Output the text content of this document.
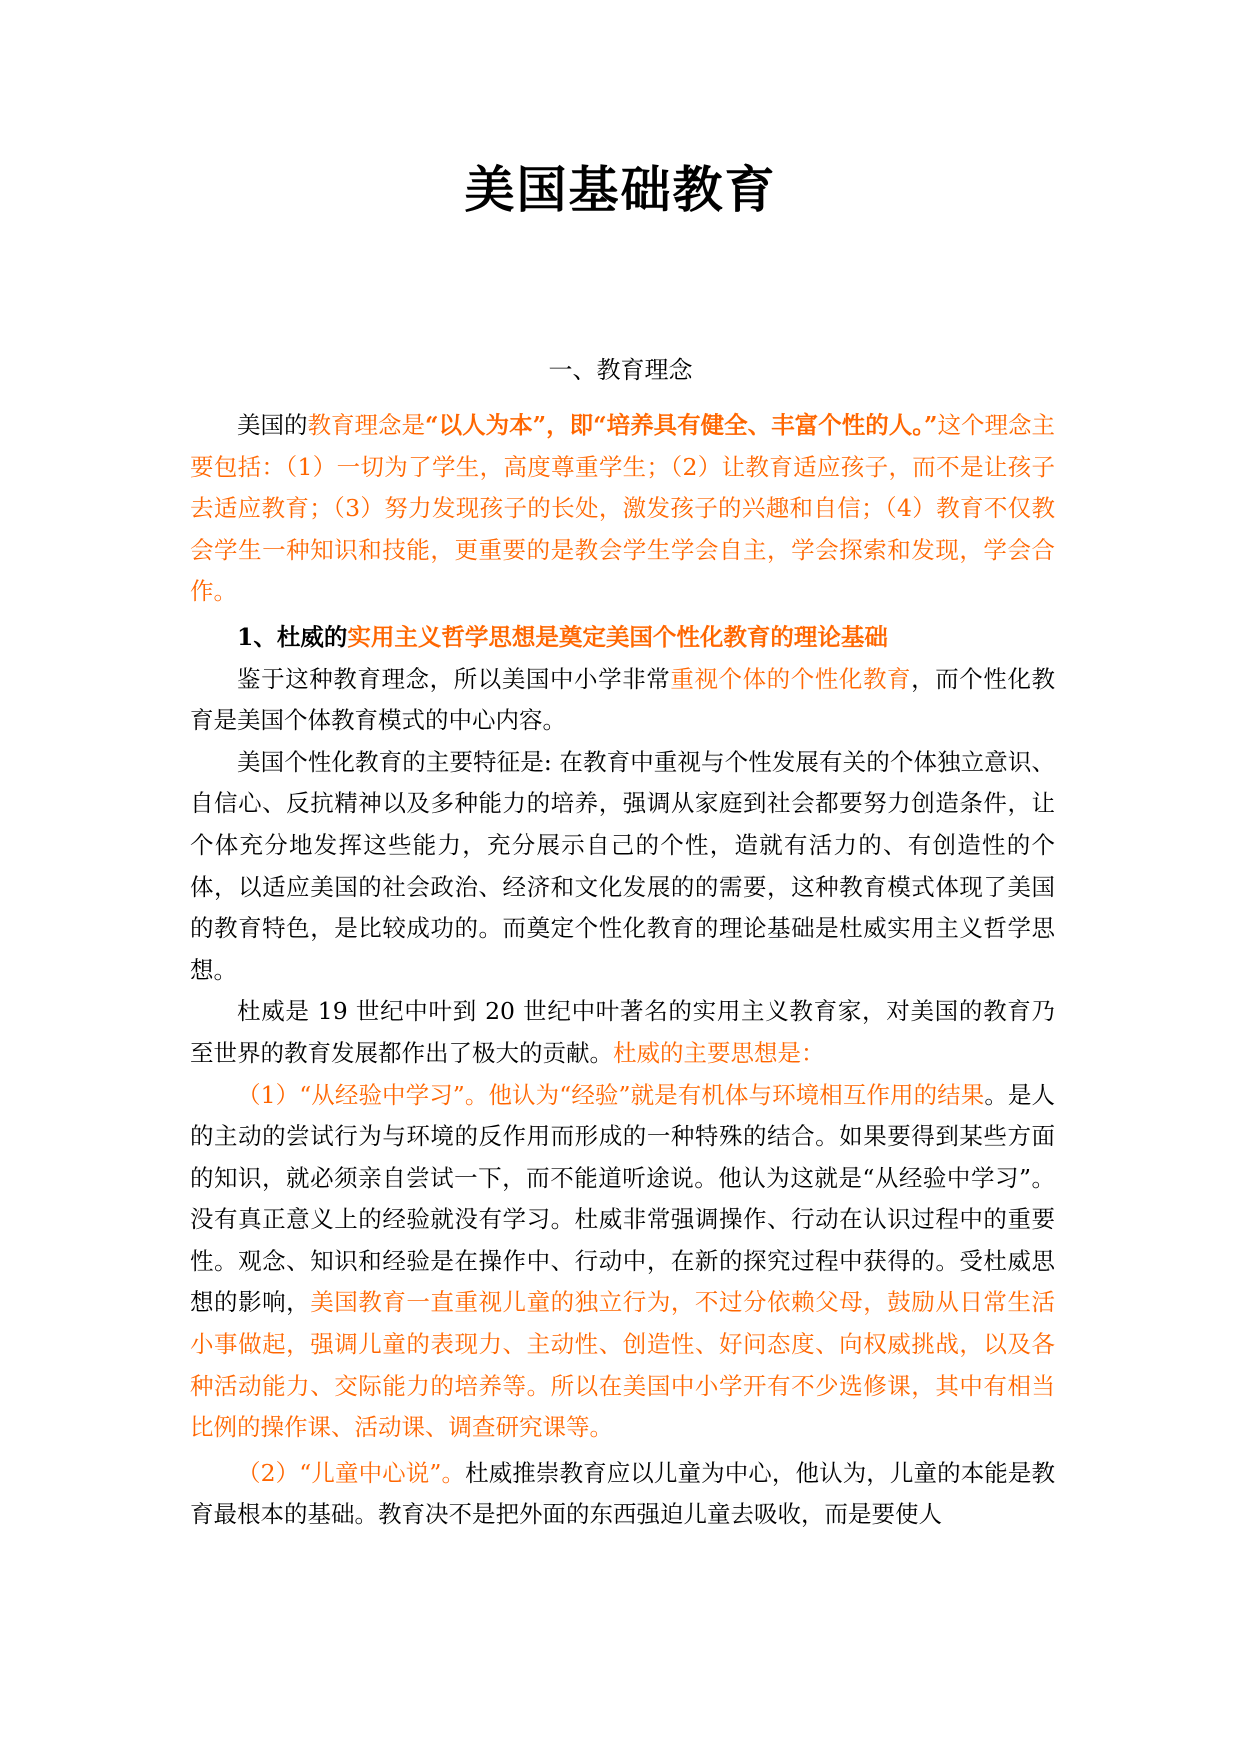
美国基础教育
一、教育理念

美国的教育理念是“以人为本”，即“培养具有健全、丰富个性的人。”这个理念主要包括：（1）一切为了学生，高度尊重学生；（2）让教育适应孩子，而不是让孩子去适应教育；（3）努力发现孩子的长处，激发孩子的兴趣和自信；（4）教育不仅教会学生一种知识和技能，更重要的是教会学生学会自主，学会探索和发现，学会合作。

1、杜威的实用主义哲学思想是奠定美国个性化教育的理论基础

鉴于这种教育理念，所以美国中小学非常重视个体的个性化教育，而个性化教育是美国个体教育模式的中心内容。

美国个性化教育的主要特征是: 在教育中重视与个性发展有关的个体独立意识、自信心、反抗精神以及多种能力的培养，强调从家庭到社会都要努力创造条件，让个体充分地发挥这些能力，充分展示自己的个性，造就有活力的、有创造性的个体，以适应美国的社会政治、经济和文化发展的的需要，这种教育模式体现了美国的教育特色，是比较成功的。而奠定个性化教育的理论基础是杜威实用主义哲学思想。

杜威是 19 世纪中叶到 20 世纪中叶著名的实用主义教育家，对美国的教育乃至世界的教育发展都作出了极大的贡献。杜威的主要思想是：

（1）“从经验中学习”。他认为“经验”就是有机体与环境相互作用的结果。是人的主动的尝试行为与环境的反作用而形成的一种特殊的结合。如果要得到某些方面的知识，就必须亲自尝试一下，而不能道听途说。他认为这就是“从经验中学习”。没有真正意义上的经验就没有学习。杜威非常强调操作、行动在认识过程中的重要性。观念、知识和经验是在操作中、行动中，在新的探究过程中获得的。受杜威思想的影响，美国教育一直重视儿童的独立行为，不过分依赖父母，鼓励从日常生活小事做起，强调儿童的表现力、主动性、创造性、好问态度、向权威挑战，以及各种活动能力、交际能力的培养等。所以在美国中小学开有不少选修课，其中有相当比例的操作课、活动课、调查研究课等。

（2）“儿童中心说”。杜威推崇教育应以儿童为中心，他认为，儿童的本能是教育最根本的基础。教育决不是把外面的东西强迫儿童去吸收，而是要使人
